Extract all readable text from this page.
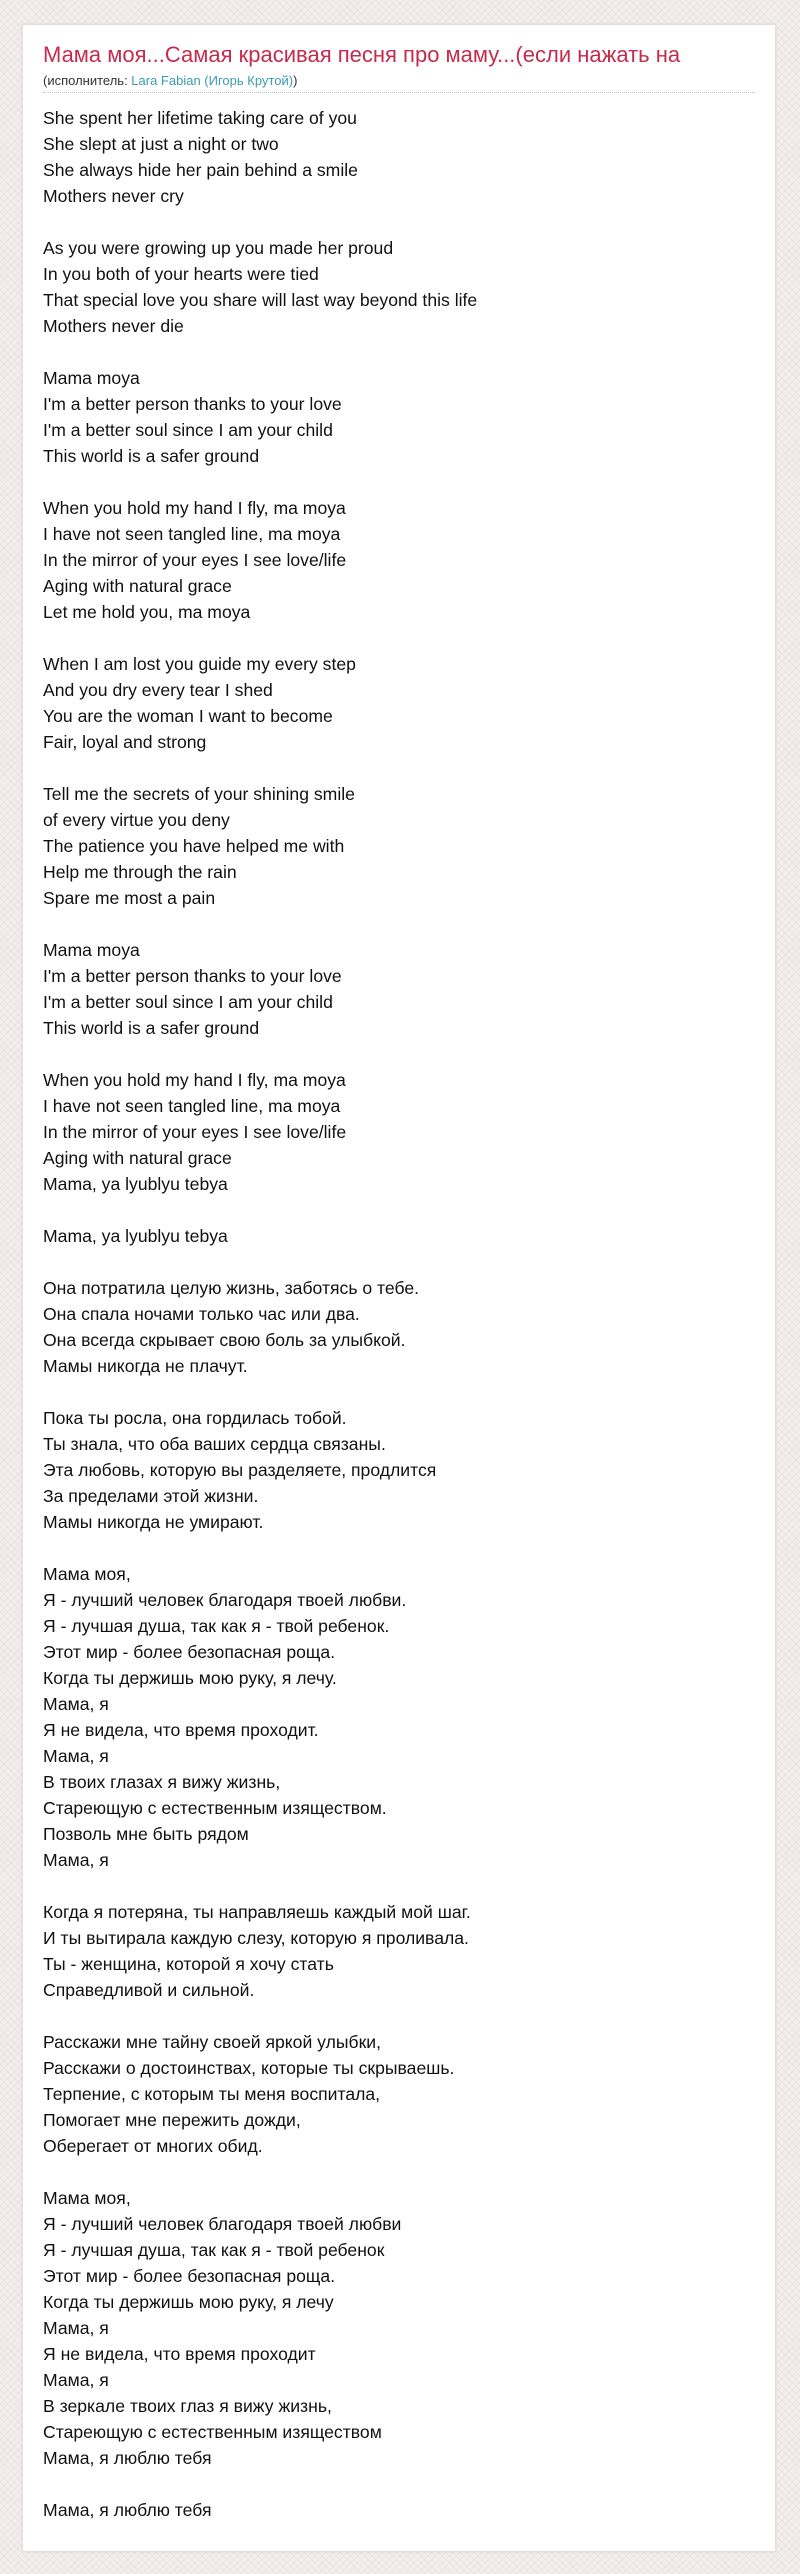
Мама моя...Самая красивая песня про маму...(если нажать на
(исполнитель: Lara Fabian (Игорь Крутой))
She spent her lifetime taking care of you
She slept at just a night or two
She always hide her pain behind a smile
Mothers never cry
As you were growing up you made her proud
In you both of your hearts were tied
That special love you share will last way beyond this life
Mothers never die
Mama moya
I'm a better person thanks to your love
I'm a better soul since I am your child
This world is a safer ground
When you hold my hand I fly, ma moya
I have not seen tangled line, ma moya
In the mirror of your eyes I see love/life
Aging with natural grace
Let me hold you, ma moya
When I am lost you guide my every step
And you dry every tear I shed
You are the woman I want to become
Fair, loyal and strong
Tell me the secrets of your shining smile
of every virtue you deny
The patience you have helped me with
Help me through the rain
Spare me most a pain
Mama moya
I'm a better person thanks to your love
I'm a better soul since I am your child
This world is a safer ground
When you hold my hand I fly, ma moya
I have not seen tangled line, ma moya
In the mirror of your eyes I see love/life
Aging with natural grace
Mama, ya lyublyu tebya
Mama, ya lyublyu tebya
Она потратила целую жизнь, заботясь о тебе.
Она спала ночами только час или два.
Она всегда скрывает свою боль за улыбкой.
Мамы никогда не плачут.
Пока ты росла, она гордилась тобой.
Ты знала, что оба ваших сердца связаны.
Эта любовь, которую вы разделяете, продлится
За пределами этой жизни.
Мамы никогда не умирают.
Мама моя,
Я - лучший человек благодаря твоей любви.
Я - лучшая душа, так как я - твой ребенок.
Этот мир - более безопасная роща.
Когда ты держишь мою руку, я лечу.
Мама, я
Я не видела, что время проходит.
Мама, я
В твоих глазах я вижу жизнь,
Стареющую с естественным изяществом.
Позволь мне быть рядом
Мама, я
Когда я потеряна, ты направляешь каждый мой шаг.
И ты вытирала каждую слезу, которую я проливала.
Ты - женщина, которой я хочу стать
Справедливой и сильной.
Расскажи мне тайну своей яркой улыбки,
Расскажи о достоинствах, которые ты скрываешь.
Терпение, с которым ты меня воспитала,
Помогает мне пережить дожди,
Оберегает от многих обид.
Мама моя,
Я - лучший человек благодаря твоей любви
Я - лучшая душа, так как я - твой ребенок
Этот мир - более безопасная роща.
Когда ты держишь мою руку, я лечу
Мама, я
Я не видела, что время проходит
Мама, я
В зеркале твоих глаз я вижу жизнь,
Стареющую с естественным изяществом
Мама, я люблю тебя
Мама, я люблю тебя
